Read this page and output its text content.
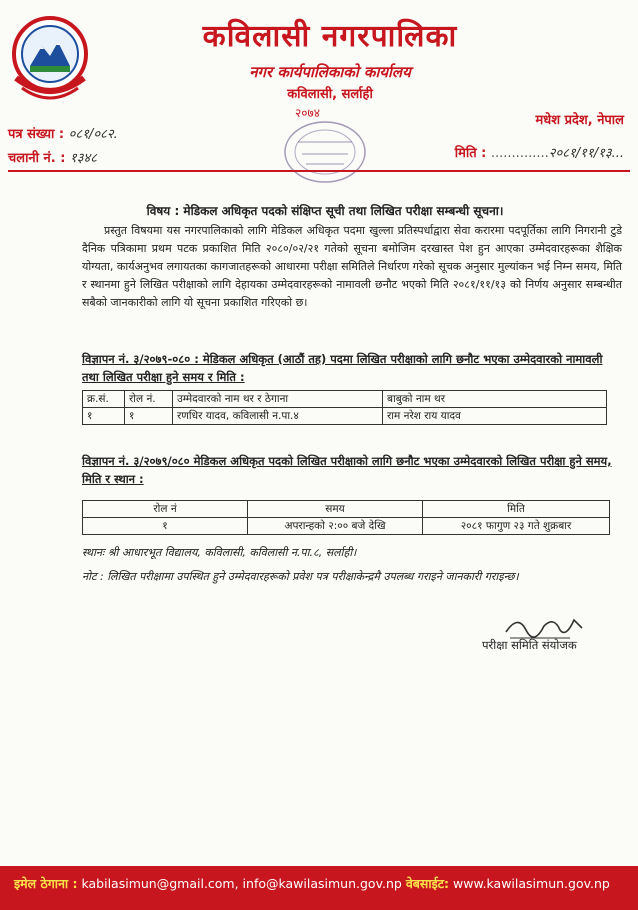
कविलासी नगरपालिका
नगर कार्यपालिकाको कार्यालय
कविलासी, सर्लाही
२०७४
पत्र संख्या : ०८१/०८२.
चलानी नं. : १३४८
मधेश प्रदेश, नेपाल
मिति : ..............२०८१/११/१३...
विषय : मेडिकल अधिकृत पदको संक्षिप्त सूची तथा लिखित परीक्षा सम्बन्धी सूचना।
प्रस्तुत विषयमा यस नगरपालिकाको लागि मेडिकल अधिकृत पदमा खुल्ला प्रतिस्पर्धाद्वारा सेवा करारमा पदपूर्तिका लागि निगरानी टुडे दैनिक पत्रिकामा प्रथम पटक प्रकाशित मिति २०८०/०२/२१ गतेको सूचना बमोजिम दरखास्त पेश हुन आएका उम्मेदवारहरूका शैक्षिक योग्यता, कार्यअनुभव लगायतका कागजातहरूको आधारमा परीक्षा समितिले निर्धारण गरेको सूचक अनुसार मुल्यांकन भई निम्न समय, मिति र स्थानमा हुने लिखित परीक्षाको लागि देहायका उम्मेदवारहरूको नामावली छनौट भएको मिति २०८१/११/१३ को निर्णय अनुसार सम्बन्धीत सबैको जानकारीको लागि यो सूचना प्रकाशित गरिएको छ।
विज्ञापन नं. ३/२०७९-०८० : मेडिकल अधिकृत (आठौं तह) पदमा लिखित परीक्षाको लागि छनौट भएका उम्मेदवारको नामावली तथा लिखित परीक्षा हुने समय र मिति :
क्र.सं.	रोल नं.	उम्मेदवारको नाम थर र ठेगाना	बाबुको नाम थर
१	१	रणधिर यादव, कविलासी न.पा.४	राम नरेश राय यादव
विज्ञापन नं. ३/२०७९/०८० मेडिकल अधिकृत पदको लिखित परीक्षाको लागि छनौट भएका उम्मेदवारको लिखित परीक्षा हुने समय, मिति र स्थान :
रोल नं	समय	मिति
१	अपरान्हको २:०० बजे देखि	२०८१ फागुण २३ गते शुक्रबार
स्थानः श्री आधारभूत विद्यालय, कविलासी, कविलासी न.पा.८, सर्लाही।
नोट : लिखित परीक्षामा उपस्थित हुने उम्मेदवारहरूको प्रवेश पत्र परीक्षाकेन्द्रमै उपलब्ध गराइने जानकारी गराइन्छ।
परीक्षा समिति संयोजक
इमेल ठेगाना : kabilasimun@gmail.com, info@kawilasimun.gov.np वेबसाईट: www.kawilasimun.gov.np
